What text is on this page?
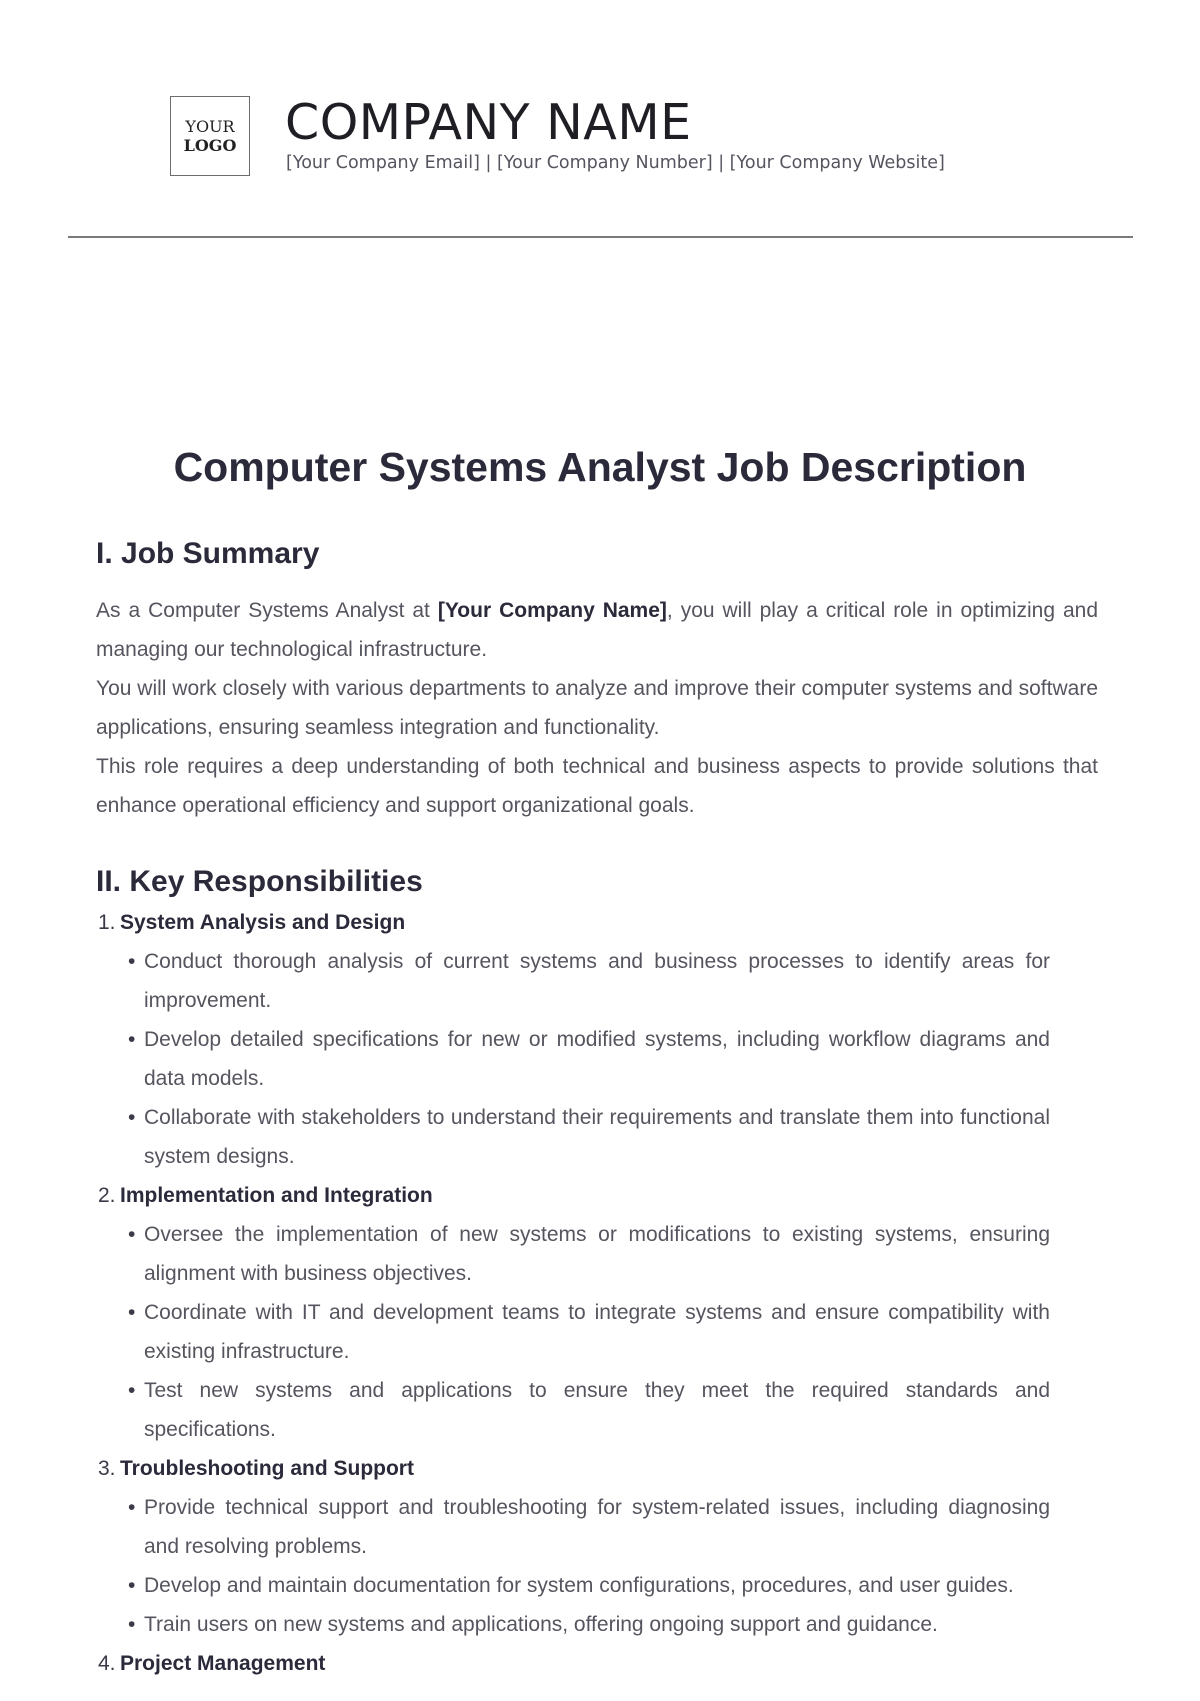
YOUR
LOGO COMPANY NAME
[Your Company Email] | [Your Company Number] | [Your Company Website]
Computer Systems Analyst Job Description
I. Job Summary

As a Computer Systems Analyst at [Your Company Name], you will play a critical role in optimizing and managing our technological infrastructure.

You will work closely with various departments to analyze and improve their computer systems and software applications, ensuring seamless integration and functionality.

This role requires a deep understanding of both technical and business aspects to provide solutions that enhance operational efficiency and support organizational goals.

II. Key Responsibilities
1. System Analysis and Design
• Conduct thorough analysis of current systems and business processes to identify areas for improvement.
• Develop detailed specifications for new or modified systems, including workflow diagrams and data models.
• Collaborate with stakeholders to understand their requirements and translate them into functional system designs.
2. Implementation and Integration
• Oversee the implementation of new systems or modifications to existing systems, ensuring alignment with business objectives.
• Coordinate with IT and development teams to integrate systems and ensure compatibility with existing infrastructure.
• Test new systems and applications to ensure they meet the required standards and specifications.
3. Troubleshooting and Support
• Provide technical support and troubleshooting for system-related issues, including diagnosing and resolving problems.
• Develop and maintain documentation for system configurations, procedures, and user guides.
• Train users on new systems and applications, offering ongoing support and guidance.
4. Project Management
